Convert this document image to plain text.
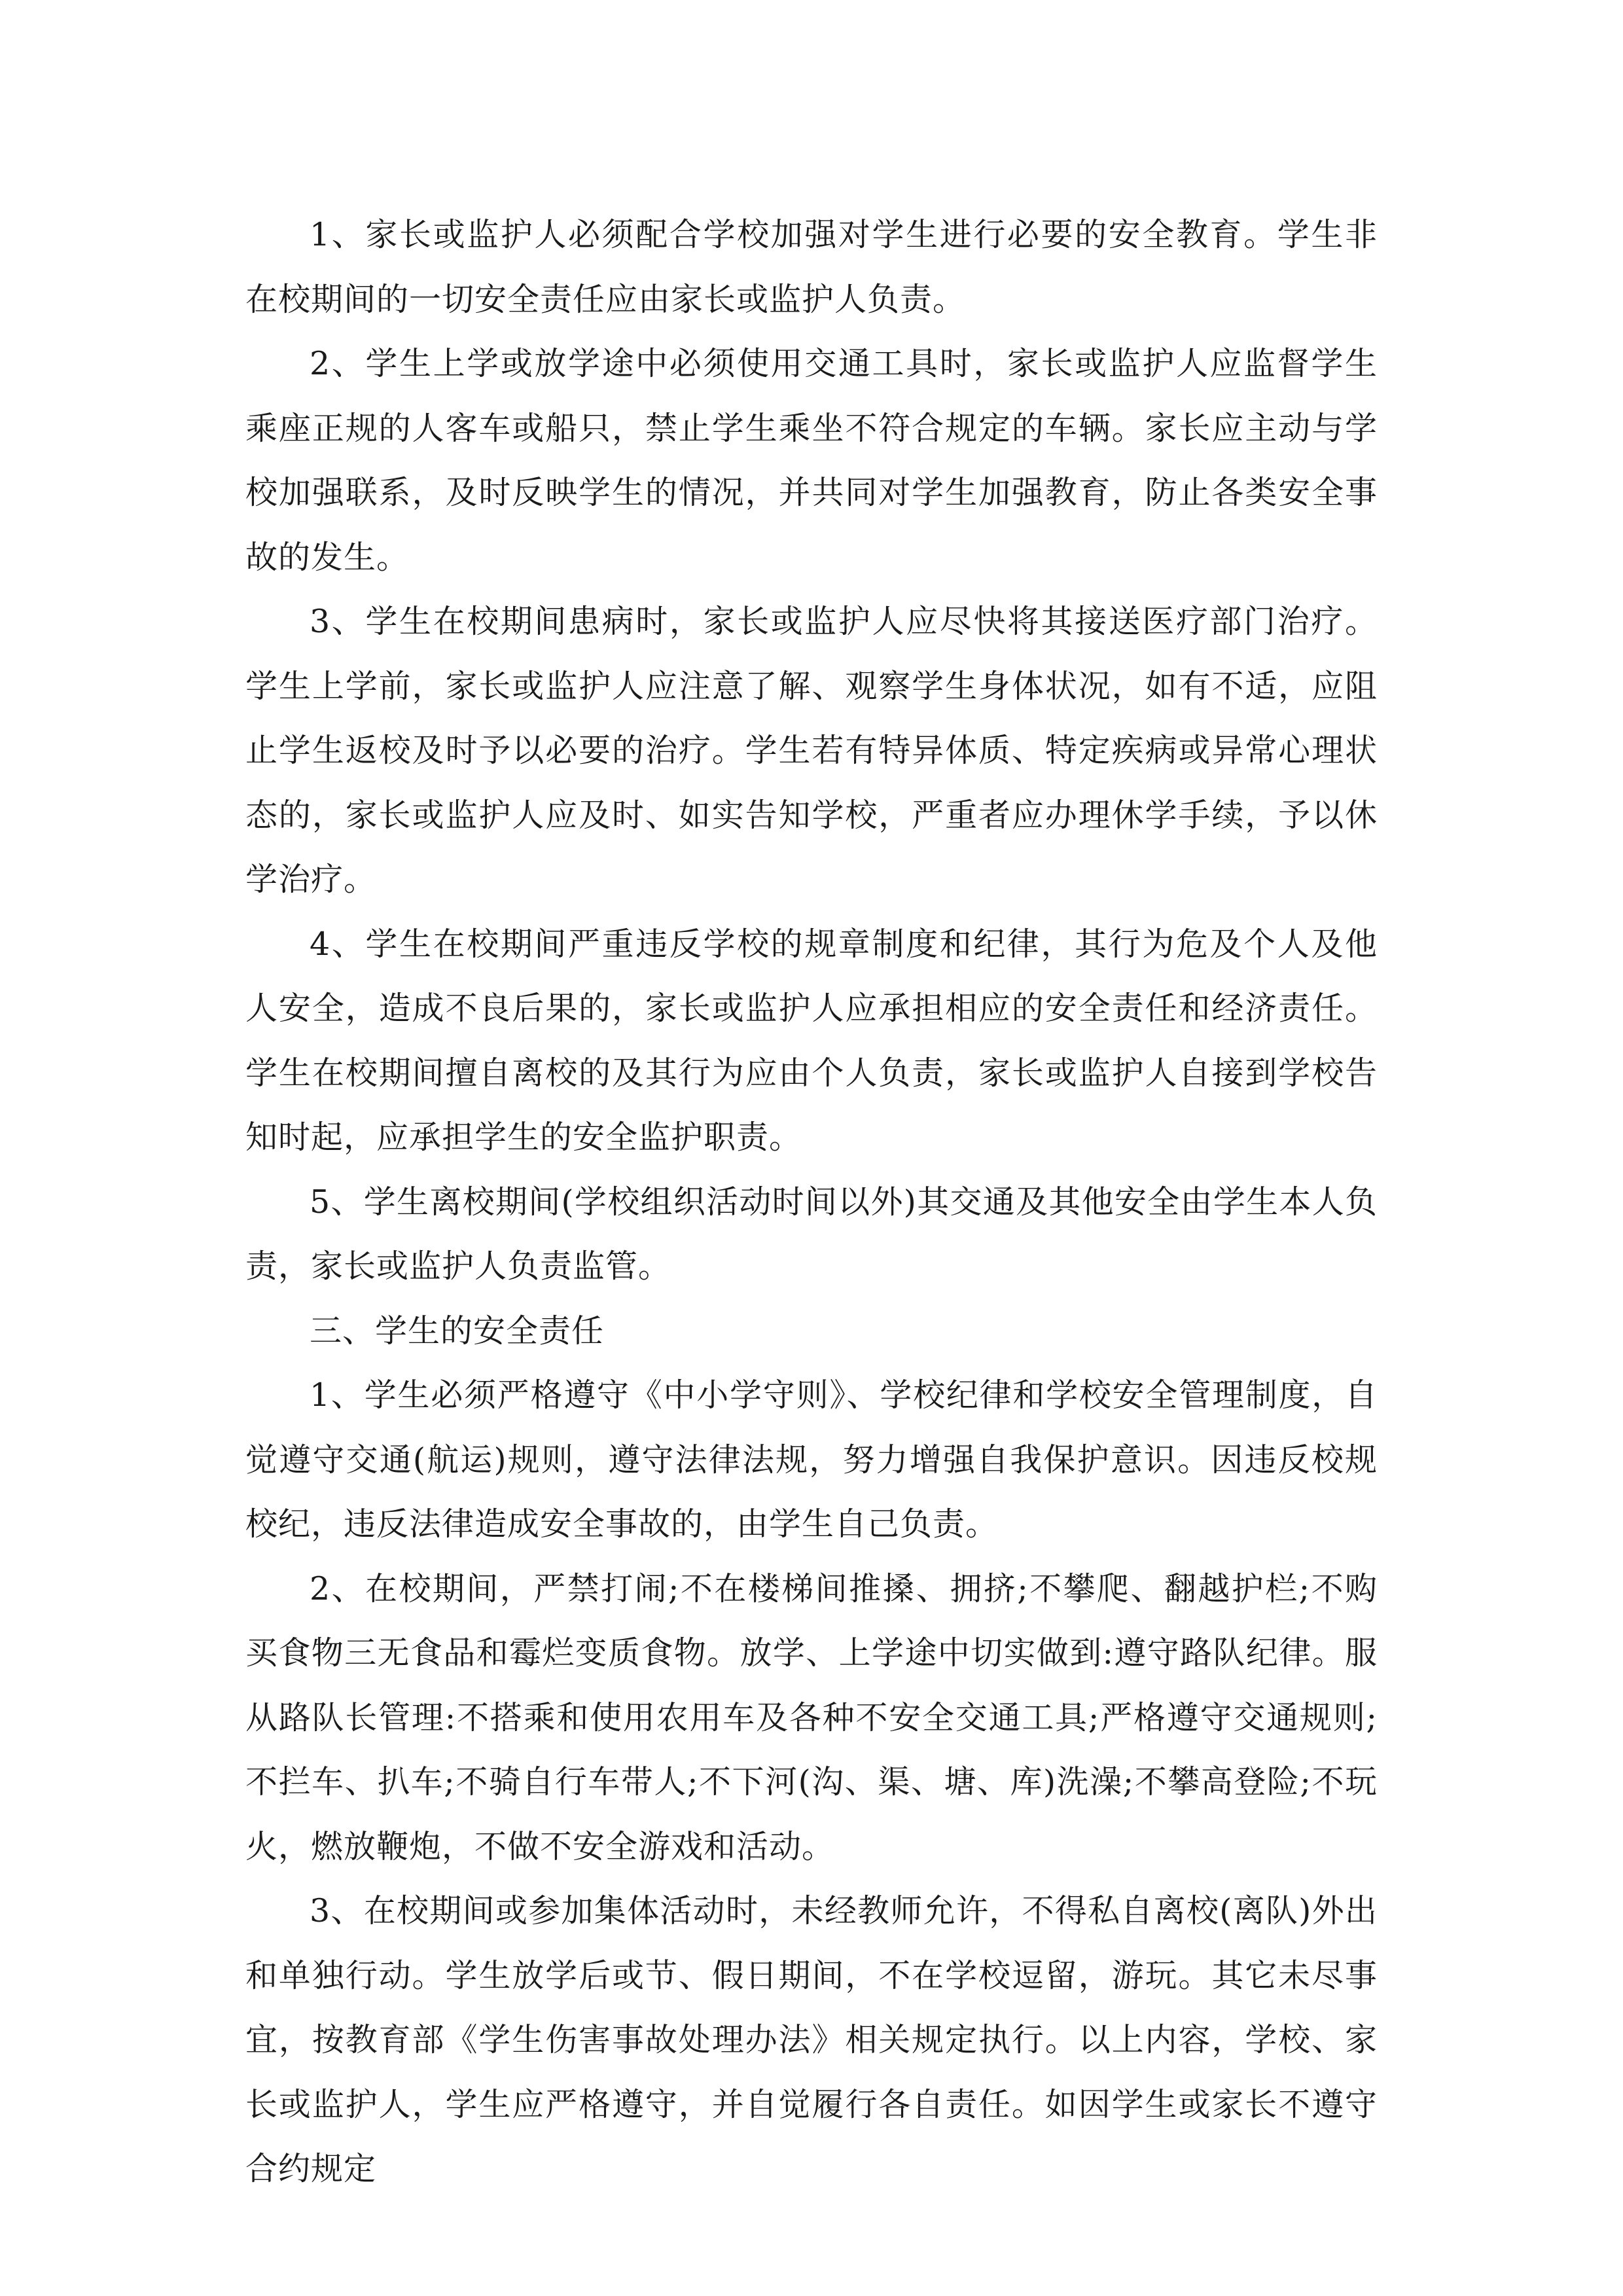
1、家长或监护人必须配合学校加强对学生进行必要的安全教育。学生非在校期间的一切安全责任应由家长或监护人负责。

2、学生上学或放学途中必须使用交通工具时，家长或监护人应监督学生乘座正规的人客车或船只，禁止学生乘坐不符合规定的车辆。家长应主动与学校加强联系，及时反映学生的情况，并共同对学生加强教育，防止各类安全事故的发生。

3、学生在校期间患病时，家长或监护人应尽快将其接送医疗部门治疗。学生上学前，家长或监护人应注意了解、观察学生身体状况，如有不适，应阻止学生返校及时予以必要的治疗。学生若有特异体质、特定疾病或异常心理状态的，家长或监护人应及时、如实告知学校，严重者应办理休学手续，予以休学治疗。

4、学生在校期间严重违反学校的规章制度和纪律，其行为危及个人及他人安全，造成不良后果的，家长或监护人应承担相应的安全责任和经济责任。学生在校期间擅自离校的及其行为应由个人负责，家长或监护人自接到学校告知时起，应承担学生的安全监护职责。

5、学生离校期间(学校组织活动时间以外)其交通及其他安全由学生本人负责，家长或监护人负责监管。

三、学生的安全责任

1、学生必须严格遵守《中小学守则》、学校纪律和学校安全管理制度，自觉遵守交通(航运)规则，遵守法律法规，努力增强自我保护意识。因违反校规校纪，违反法律造成安全事故的，由学生自己负责。

2、在校期间，严禁打闹;不在楼梯间推搡、拥挤;不攀爬、翻越护栏;不购买食物三无食品和霉烂变质食物。放学、上学途中切实做到:遵守路队纪律。服从路队长管理:不搭乘和使用农用车及各种不安全交通工具;严格遵守交通规则;不拦车、扒车;不骑自行车带人;不下河(沟、渠、塘、库)洗澡;不攀高登险;不玩火，燃放鞭炮，不做不安全游戏和活动。

3、在校期间或参加集体活动时，未经教师允许，不得私自离校(离队)外出和单独行动。学生放学后或节、假日期间，不在学校逗留，游玩。其它未尽事宜，按教育部《学生伤害事故处理办法》相关规定执行。以上内容，学校、家长或监护人，学生应严格遵守，并自觉履行各自责任。如因学生或家长不遵守合约规定
